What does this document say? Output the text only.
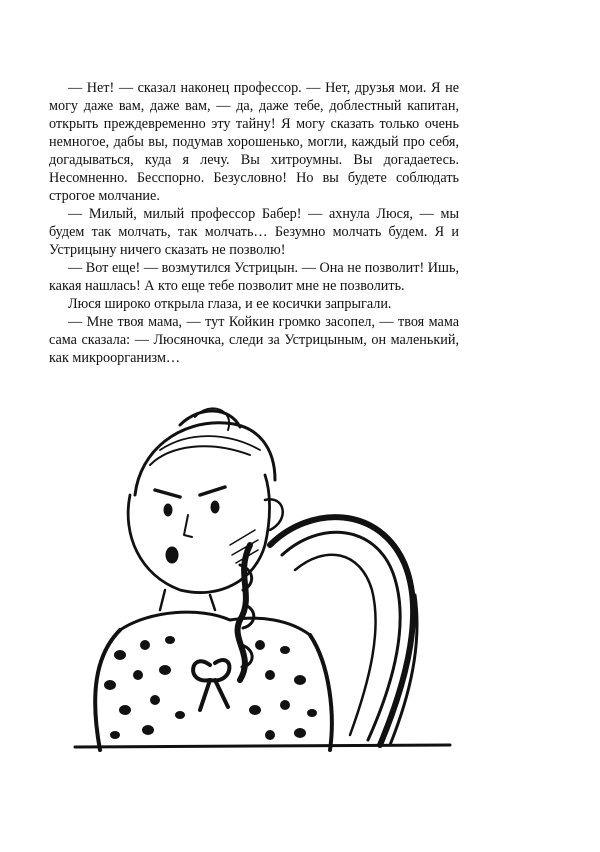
— Нет! — сказал наконец профессор. — Нет, друзья мои. Я не могу даже вам, даже вам, — да, даже тебе, доблестный капитан, открыть преждевременно эту тайну! Я могу сказать только очень немногое, дабы вы, подумав хорошенько, могли, каждый про себя, догадываться, куда я лечу. Вы хитроумны. Вы догадаетесь. Несомненно. Бесспорно. Безусловно! Но вы будете соблюдать строгое молчание.

— Милый, милый профессор Бабер! — ахнула Люся, — мы будем так молчать, так молчать… Безумно молчать будем. Я и Устрицыну ничего сказать не позволю!

— Вот еще! — возмутился Устрицын. — Она не позволит! Ишь, какая нашлась! А кто еще тебе позволит мне не позволить.

Люся широко открыла глаза, и ее косички запрыгали.

— Мне твоя мама, — тут Койкин громко засопел, — твоя мама сама сказала: — Люсяночка, следи за Устрицыным, он маленький, как микроорганизм…
